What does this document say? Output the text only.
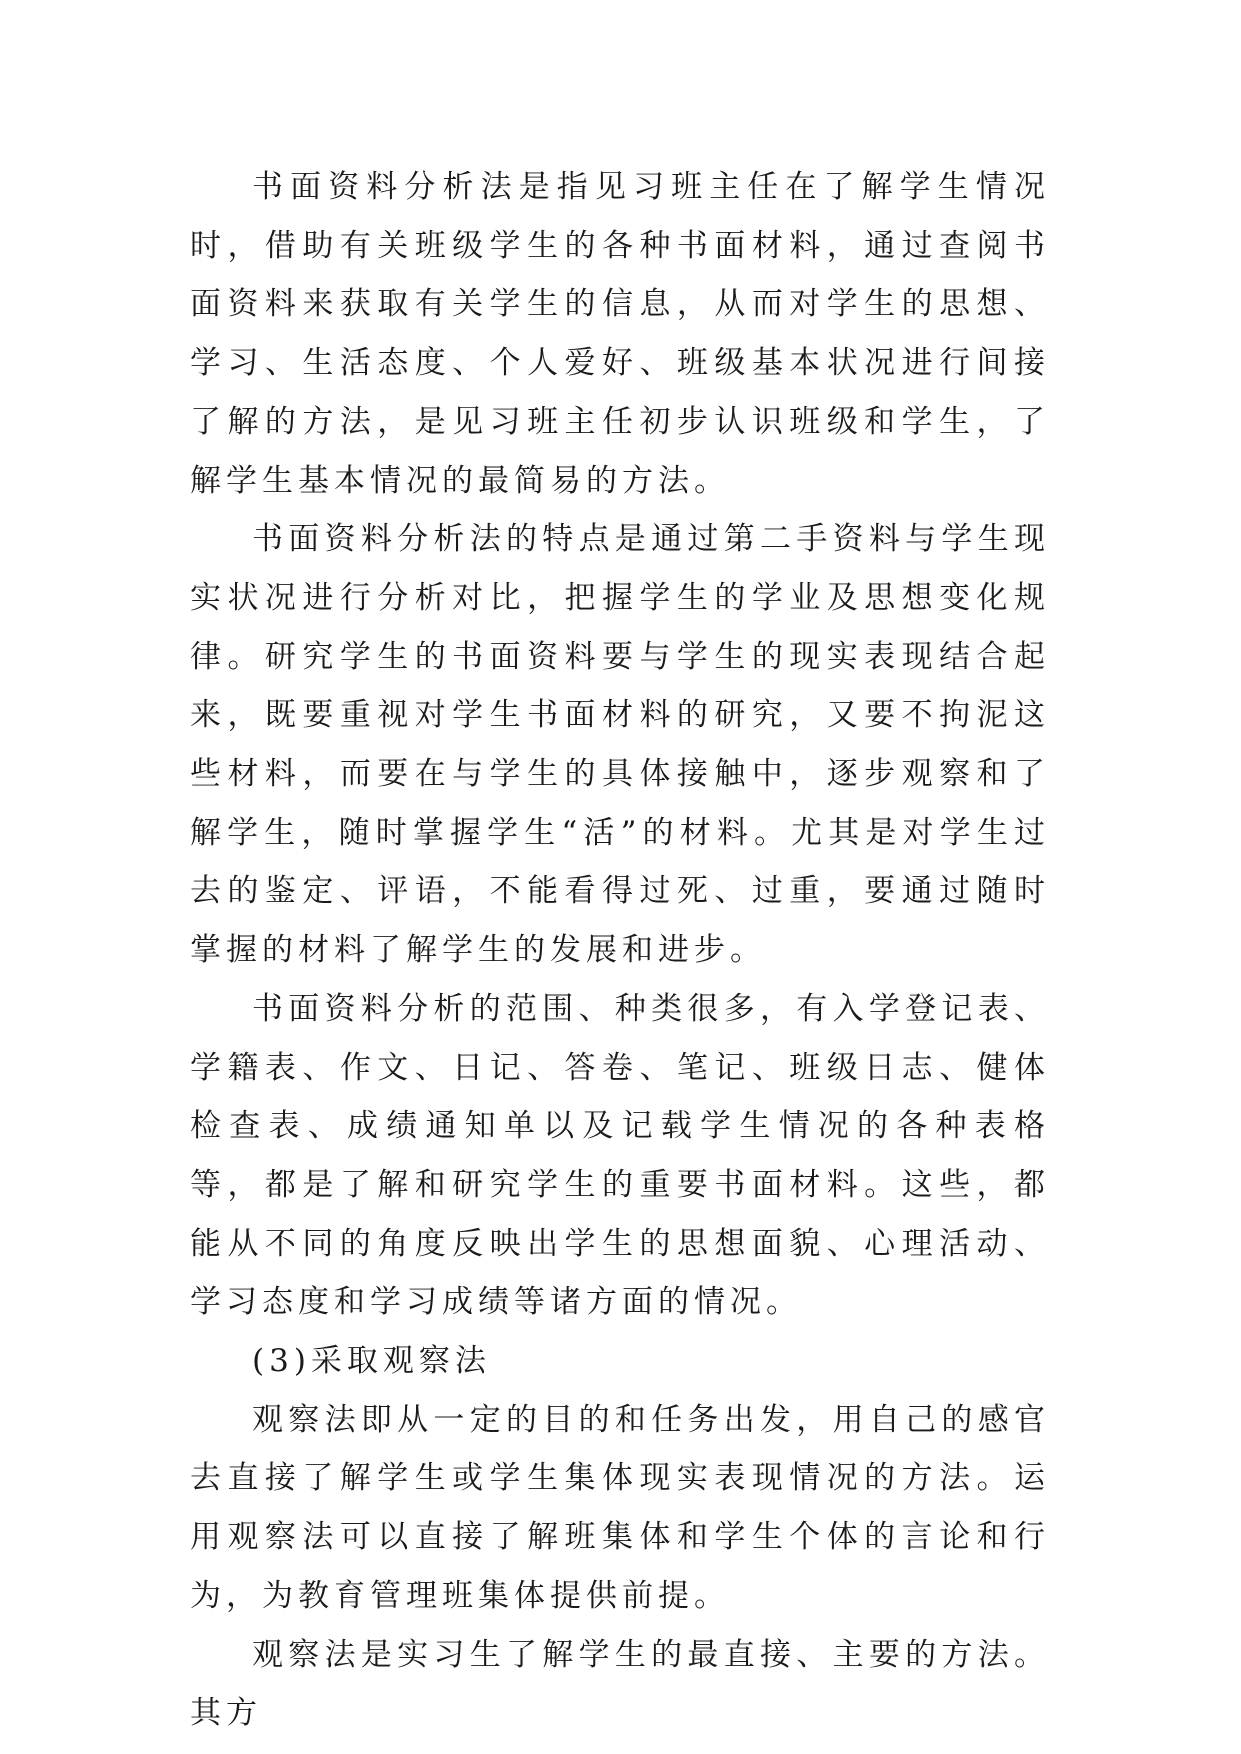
书面资料分析法是指见习班主任在了解学生情况时，借助有关班级学生的各种书面材料，通过查阅书面资料来获取有关学生的信息，从而对学生的思想、学习、生活态度、个人爱好、班级基本状况进行间接了解的方法，是见习班主任初步认识班级和学生，了解学生基本情况的最简易的方法。

书面资料分析法的特点是通过第二手资料与学生现实状况进行分析对比，把握学生的学业及思想变化规律。研究学生的书面资料要与学生的现实表现结合起来，既要重视对学生书面材料的研究，又要不拘泥这些材料，而要在与学生的具体接触中，逐步观察和了解学生，随时掌握学生“活”的材料。尤其是对学生过去的鉴定、评语，不能看得过死、过重，要通过随时掌握的材料了解学生的发展和进步。

书面资料分析的范围、种类很多，有入学登记表、学籍表、作文、日记、答卷、笔记、班级日志、健体检查表、成绩通知单以及记载学生情况的各种表格等，都是了解和研究学生的重要书面材料。这些，都能从不同的角度反映出学生的思想面貌、心理活动、学习态度和学习成绩等诸方面的情况。

(3)采取观察法

观察法即从一定的目的和任务出发，用自己的感官去直接了解学生或学生集体现实表现情况的方法。运用观察法可以直接了解班集体和学生个体的言论和行为，为教育管理班集体提供前提。

观察法是实习生了解学生的最直接、主要的方法。其方
